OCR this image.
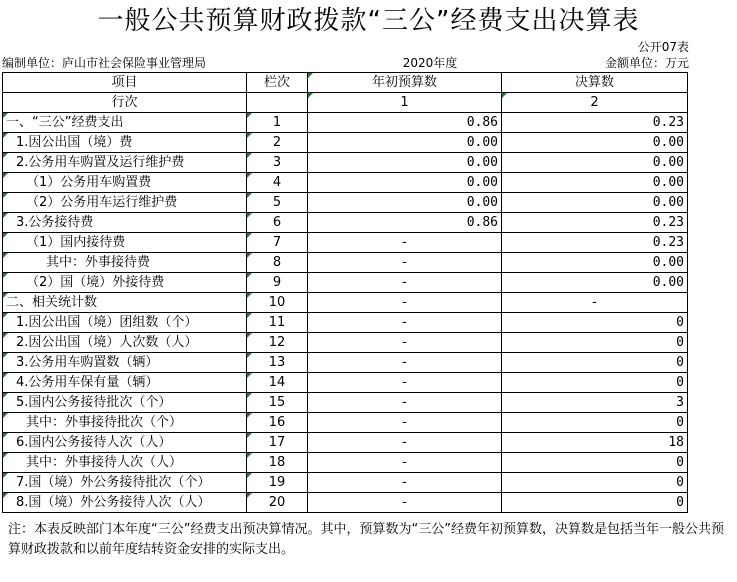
一般公共预算财政拨款“三公”经费支出决算表
公开07表
编制单位：庐山市社会保险事业管理局	2020年度	金额单位：万元
项目	栏次	年初预算数	决算数
行次		1	2
一、“三公”经费支出	1	0.86	0.23
1.因公出国（境）费	2	0.00	0.00
2.公务用车购置及运行维护费	3	0.00	0.00
（1）公务用车购置费	4	0.00	0.00
（2）公务用车运行维护费	5	0.00	0.00
3.公务接待费	6	0.86	0.23
（1）国内接待费	7	-	0.23
其中：外事接待费	8	-	0.00
（2）国（境）外接待费	9	-	0.00
二、相关统计数	10	-	-
1.因公出国（境）团组数（个）	11	-	0
2.因公出国（境）人次数（人）	12	-	0
3.公务用车购置数（辆）	13	-	0
4.公务用车保有量（辆）	14	-	0
5.国内公务接待批次（个）	15	-	3
其中：外事接待批次（个）	16	-	0
6.国内公务接待人次（人）	17	-	18
其中：外事接待人次（人）	18	-	0
7.国（境）外公务接待批次（个）	19	-	0
8.国（境）外公务接待人次（人）	20	-	0
注：本表反映部门本年度“三公”经费支出预决算情况。其中，预算数为“三公”经费年初预算数，决算数是包括当年一般公共预算财政拨款和以前年度结转资金安排的实际支出。
